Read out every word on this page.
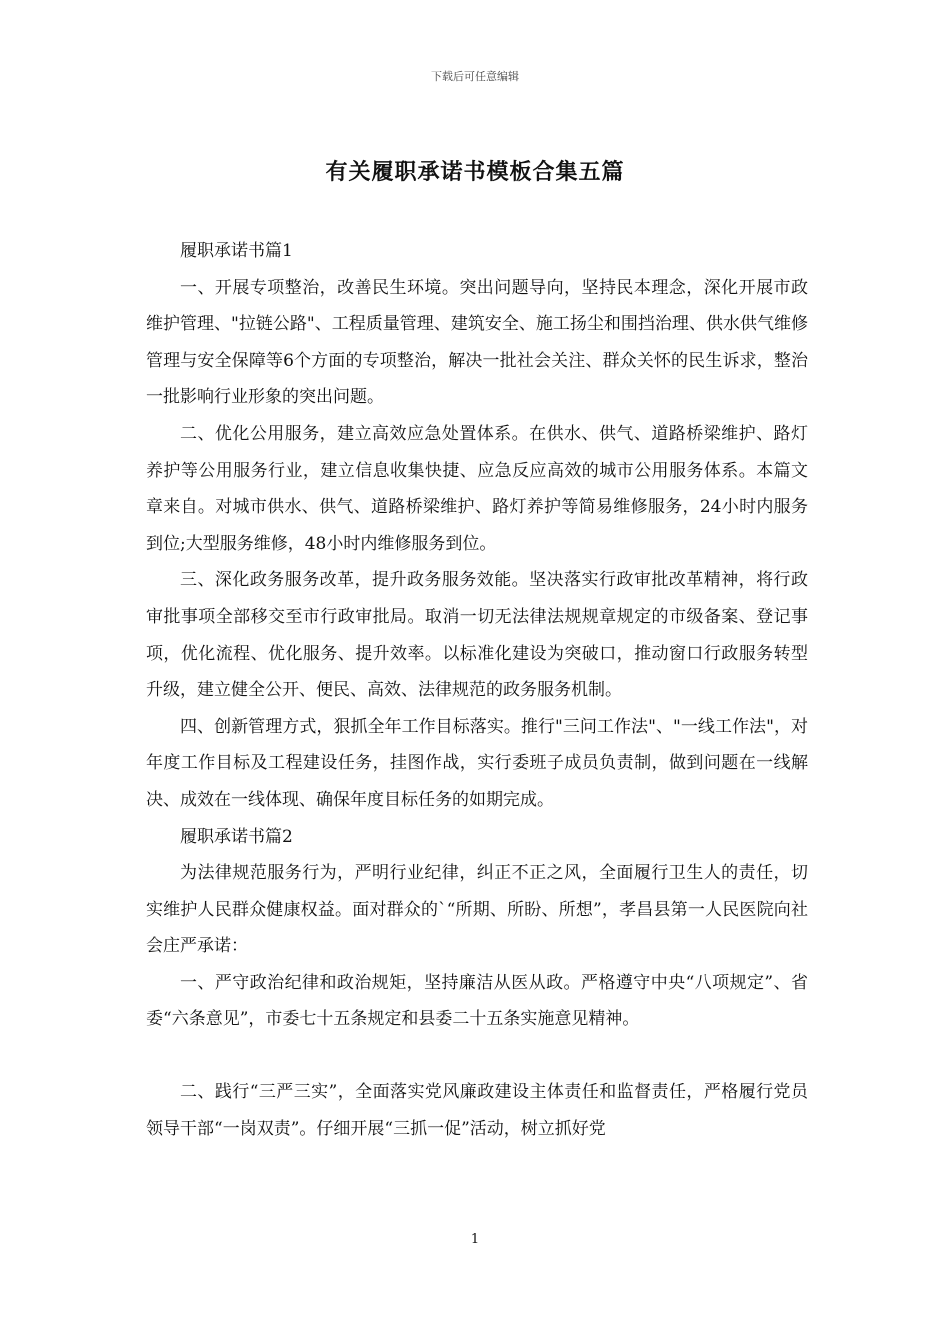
下载后可任意编辑
有关履职承诺书模板合集五篇

履职承诺书篇1

一、开展专项整治，改善民生环境。突出问题导向，坚持民本理念，深化开展市政维护管理、"拉链公路"、工程质量管理、建筑安全、施工扬尘和围挡治理、供水供气维修管理与安全保障等6个方面的专项整治，解决一批社会关注、群众关怀的民生诉求，整治一批影响行业形象的突出问题。

二、优化公用服务，建立高效应急处置体系。在供水、供气、道路桥梁维护、路灯养护等公用服务行业，建立信息收集快捷、应急反应高效的城市公用服务体系。本篇文章来自。对城市供水、供气、道路桥梁维护、路灯养护等简易维修服务，24小时内服务到位;大型服务维修，48小时内维修服务到位。

三、深化政务服务改革，提升政务服务效能。坚决落实行政审批改革精神，将行政审批事项全部移交至市行政审批局。取消一切无法律法规规章规定的市级备案、登记事项，优化流程、优化服务、提升效率。以标准化建设为突破口，推动窗口行政服务转型升级，建立健全公开、便民、高效、法律规范的政务服务机制。

四、创新管理方式，狠抓全年工作目标落实。推行"三问工作法"、"一线工作法"，对年度工作目标及工程建设任务，挂图作战，实行委班子成员负责制，做到问题在一线解决、成效在一线体现、确保年度目标任务的如期完成。

履职承诺书篇2

为法律规范服务行为，严明行业纪律，纠正不正之风，全面履行卫生人的责任，切实维护人民群众健康权益。面对群众的`“所期、所盼、所想”，孝昌县第一人民医院向社会庄严承诺：

一、严守政治纪律和政治规矩，坚持廉洁从医从政。严格遵守中央“八项规定”、省委“六条意见”，市委七十五条规定和县委二十五条实施意见精神。

二、践行“三严三实”，全面落实党风廉政建设主体责任和监督责任，严格履行党员领导干部“一岗双责”。仔细开展“三抓一促”活动，树立抓好党

1
